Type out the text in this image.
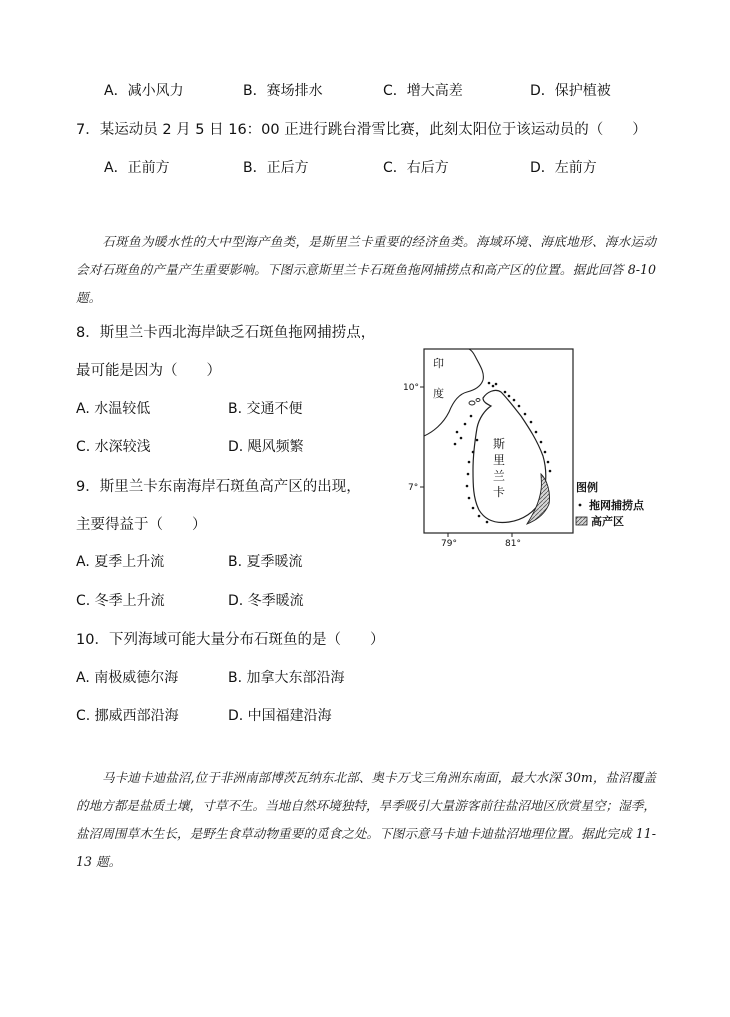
A．减小风力	B．赛场排水	C．增大高差	D．保护植被
7．某运动员 2 月 5 日 16：00 正进行跳台滑雪比赛，此刻太阳位于该运动员的（　　）
A．正前方	B．正后方	C．右后方	D．左前方
石斑鱼为暖水性的大中型海产鱼类，是斯里兰卡重要的经济鱼类。海域环境、海底地形、海水运动会对石斑鱼的产量产生重要影响。下图示意斯里兰卡石斑鱼拖网捕捞点和高产区的位置。据此回答 8-10 题。
8．斯里兰卡西北海岸缺乏石斑鱼拖网捕捞点，
最可能是因为（　　）
A. 水温较低	B. 交通不便
C. 水深较浅	D. 飓风频繁
9．斯里兰卡东南海岸石斑鱼高产区的出现，
主要得益于（　　）
A. 夏季上升流	B. 夏季暖流
C. 冬季上升流	D. 冬季暖流
10．下列海域可能大量分布石斑鱼的是（　　）
A. 南极威德尔海	B. 加拿大东部沿海
C. 挪威西部沿海	D. 中国福建沿海
印
度
斯
里
兰
卡
10°
7°
79°	81°
图例
拖网捕捞点
高产区
马卡迪卡迪盐沼,位于非洲南部博茨瓦纳东北部、奥卡万戈三角洲东南面，最大水深 30m，盐沼覆盖的地方都是盐质土壤，寸草不生。当地自然环境独特，旱季吸引大量游客前往盐沼地区欣赏星空；湿季，盐沼周围草木生长，是野生食草动物重要的觅食之处。下图示意马卡迪卡迪盐沼地理位置。据此完成 11-13 题。
